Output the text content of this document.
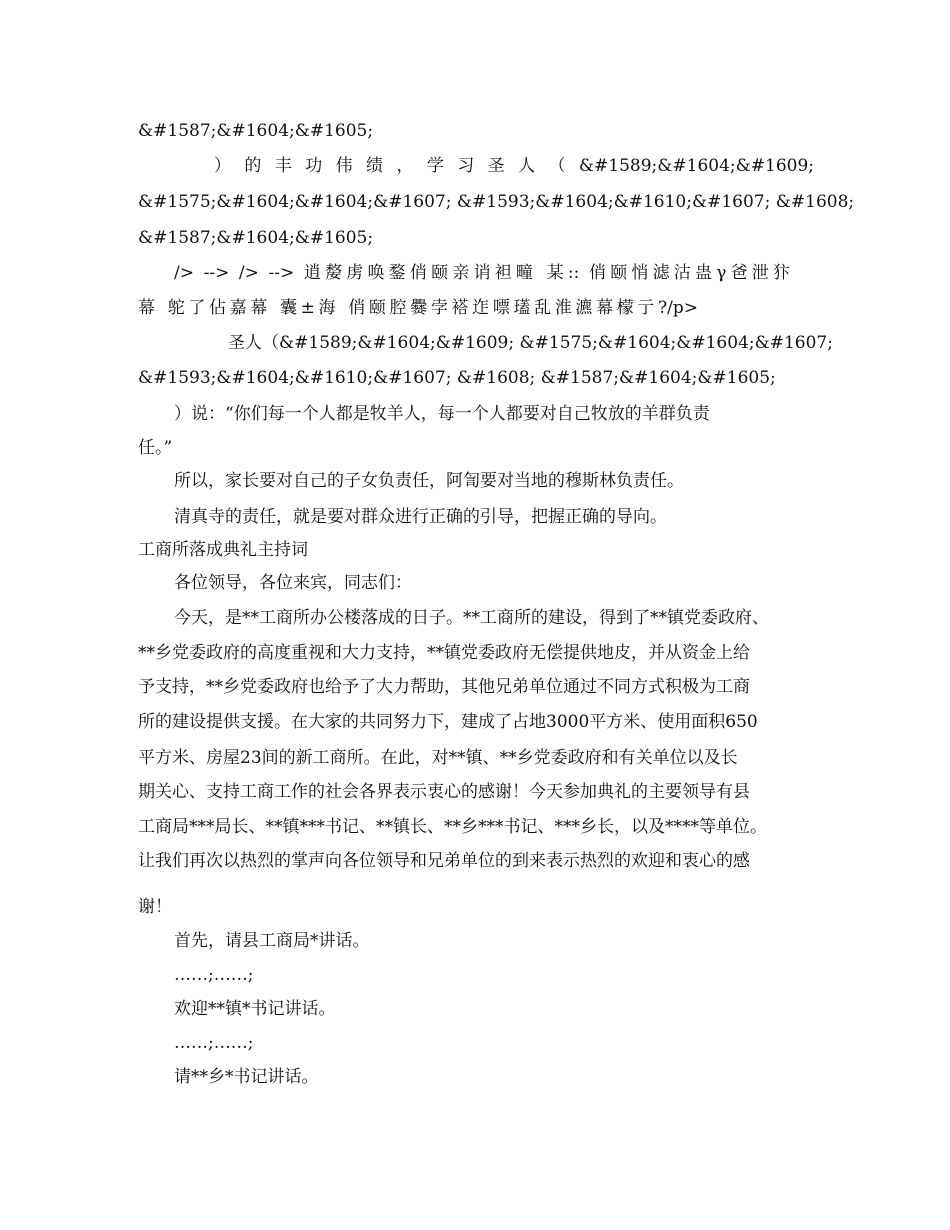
&#1587;&#1604;&#1605;
）的丰功伟绩，学习圣人（&#1589;&#1604;&#1609;
&#1575;&#1604;&#1604;&#1607; &#1593;&#1604;&#1610;&#1607; &#1608;
&#1587;&#1604;&#1605;
/> --> /> --> 逍嫠虏唤鍪俏颐亲诮袒疃 某:: 俏颐悄滤沽蛊γ爸泄犿
幕 鸵了佔嘉幕 囊±海 俏颐腔爨孛褡迮嘌瓂乱淮瀌幕檬亍?/p>
圣人（&#1589;&#1604;&#1609; &#1575;&#1604;&#1604;&#1607;
&#1593;&#1604;&#1610;&#1607; &#1608; &#1587;&#1604;&#1605;
）说：“你们每一个人都是牧羊人，每一个人都要对自己牧放的羊群负责
任。”
所以，家长要对自己的子女负责任，阿訇要对当地的穆斯林负责任。
清真寺的责任，就是要对群众进行正确的引导，把握正确的导向。
工商所落成典礼主持词
各位领导，各位来宾，同志们：
今天，是**工商所办公楼落成的日子。**工商所的建设，得到了**镇党委政府、
**乡党委政府的高度重视和大力支持，**镇党委政府无偿提供地皮，并从资金上给
予支持，**乡党委政府也给予了大力帮助，其他兄弟单位通过不同方式积极为工商
所的建设提供支援。在大家的共同努力下，建成了占地3000平方米、使用面积650
平方米、房屋23间的新工商所。在此，对**镇、**乡党委政府和有关单位以及长
期关心、支持工商工作的社会各界表示衷心的感谢！今天参加典礼的主要领导有县
工商局***局长、**镇***书记、**镇长、**乡***书记、***乡长，以及****等单位。
让我们再次以热烈的掌声向各位领导和兄弟单位的到来表示热烈的欢迎和衷心的感
谢！
首先，请县工商局*讲话。
……;……;
欢迎**镇*书记讲话。
……;……;
请**乡*书记讲话。
